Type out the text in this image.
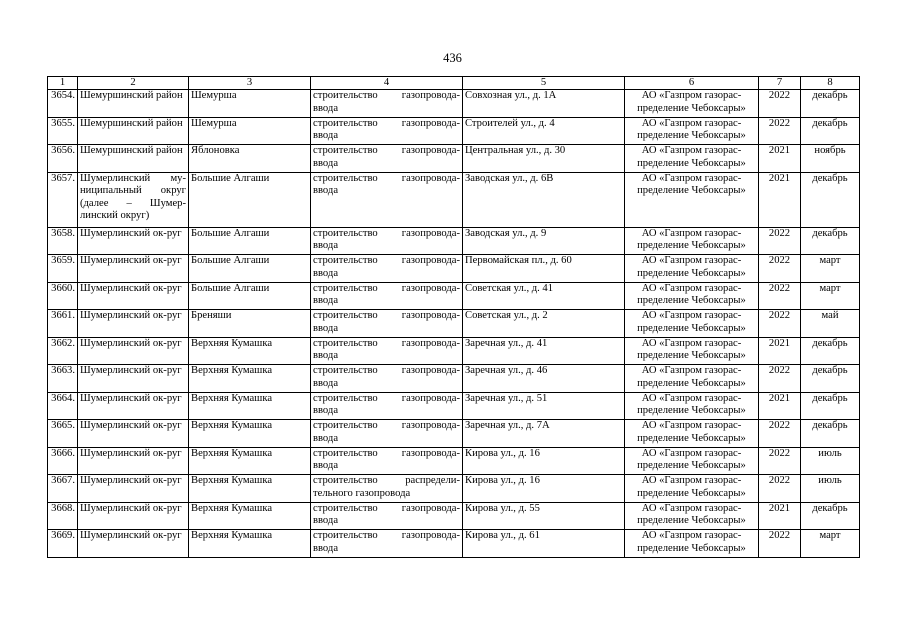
436
1	2	3	4	5	6	7	8
3654.	Шемуршинский район	Шемурша	строительство газопровода-ввода	Совхозная ул., д. 1А	АО «Газпром газорас-пределение Чебоксары»	2022	декабрь
3655.	Шемуршинский район	Шемурша	строительство газопровода-ввода	Строителей ул., д. 4	АО «Газпром газорас-пределение Чебоксары»	2022	декабрь
3656.	Шемуршинский район	Яблоновка	строительство газопровода-ввода	Центральная ул., д. 30	АО «Газпром газорас-пределение Чебоксары»	2021	ноябрь
3657.	Шумерлинский му-ниципальный округ (далее – Шумер-линский округ)	Большие Алгаши	строительство газопровода-ввода	Заводская ул., д. 6В	АО «Газпром газорас-пределение Чебоксары»	2021	декабрь
3658.	Шумерлинский ок-руг	Большие Алгаши	строительство газопровода-ввода	Заводская ул., д. 9	АО «Газпром газорас-пределение Чебоксары»	2022	декабрь
3659.	Шумерлинский ок-руг	Большие Алгаши	строительство газопровода-ввода	Первомайская пл., д. 60	АО «Газпром газорас-пределение Чебоксары»	2022	март
3660.	Шумерлинский ок-руг	Большие Алгаши	строительство газопровода-ввода	Советская ул., д. 41	АО «Газпром газорас-пределение Чебоксары»	2022	март
3661.	Шумерлинский ок-руг	Бреняши	строительство газопровода-ввода	Советская ул., д. 2	АО «Газпром газорас-пределение Чебоксары»	2022	май
3662.	Шумерлинский ок-руг	Верхняя Кумашка	строительство газопровода-ввода	Заречная ул., д. 41	АО «Газпром газорас-пределение Чебоксары»	2021	декабрь
3663.	Шумерлинский ок-руг	Верхняя Кумашка	строительство газопровода-ввода	Заречная ул., д. 46	АО «Газпром газорас-пределение Чебоксары»	2022	декабрь
3664.	Шумерлинский ок-руг	Верхняя Кумашка	строительство газопровода-ввода	Заречная ул., д. 51	АО «Газпром газорас-пределение Чебоксары»	2021	декабрь
3665.	Шумерлинский ок-руг	Верхняя Кумашка	строительство газопровода-ввода	Заречная ул., д. 7А	АО «Газпром газорас-пределение Чебоксары»	2022	декабрь
3666.	Шумерлинский ок-руг	Верхняя Кумашка	строительство газопровода-ввода	Кирова ул., д. 16	АО «Газпром газорас-пределение Чебоксары»	2022	июль
3667.	Шумерлинский ок-руг	Верхняя Кумашка	строительство распредели-тельного газопровода	Кирова ул., д. 16	АО «Газпром газорас-пределение Чебоксары»	2022	июль
3668.	Шумерлинский ок-руг	Верхняя Кумашка	строительство газопровода-ввода	Кирова ул., д. 55	АО «Газпром газорас-пределение Чебоксары»	2021	декабрь
3669.	Шумерлинский ок-руг	Верхняя Кумашка	строительство газопровода-ввода	Кирова ул., д. 61	АО «Газпром газорас-пределение Чебоксары»	2022	март
